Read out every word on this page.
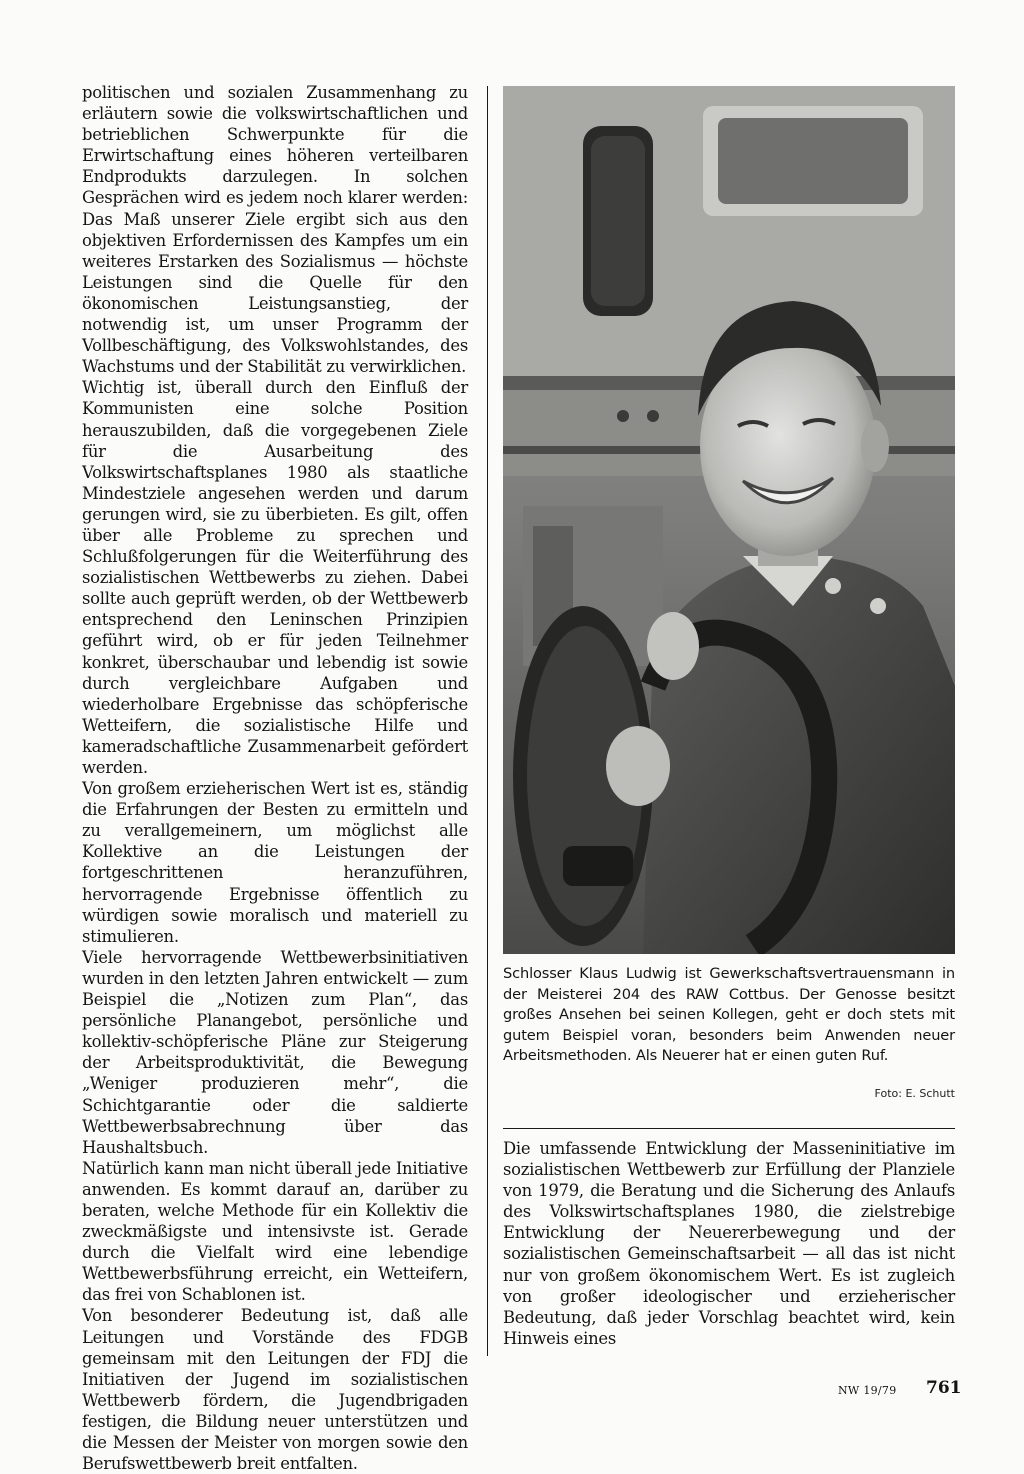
politischen und sozialen Zusammenhang zu erläutern sowie die volkswirtschaftlichen und betrieblichen Schwerpunkte für die Erwirtschaftung eines höheren verteilbaren Endprodukts darzulegen. In solchen Gesprächen wird es jedem noch klarer werden: Das Maß unserer Ziele ergibt sich aus den objektiven Erfordernissen des Kampfes um ein weiteres Erstarken des Sozialismus — höchste Leistungen sind die Quelle für den ökonomischen Leistungsanstieg, der notwendig ist, um unser Programm der Vollbeschäftigung, des Volkswohlstandes, des Wachstums und der Stabilität zu verwirklichen.

Wichtig ist, überall durch den Einfluß der Kommunisten eine solche Position herauszubilden, daß die vorgegebenen Ziele für die Ausarbeitung des Volkswirtschaftsplanes 1980 als staatliche Mindestziele angesehen werden und darum gerungen wird, sie zu überbieten. Es gilt, offen über alle Probleme zu sprechen und Schlußfolgerungen für die Weiterführung des sozialistischen Wettbewerbs zu ziehen. Dabei sollte auch geprüft werden, ob der Wettbewerb entsprechend den Leninschen Prinzipien geführt wird, ob er für jeden Teilnehmer konkret, überschaubar und lebendig ist sowie durch vergleichbare Aufgaben und wiederholbare Ergebnisse das schöpferische Wetteifern, die sozialistische Hilfe und kameradschaftliche Zusammenarbeit gefördert werden.

Von großem erzieherischen Wert ist es, ständig die Erfahrungen der Besten zu ermitteln und zu verallgemeinern, um möglichst alle Kollektive an die Leistungen der fortgeschrittenen heranzuführen, hervorragende Ergebnisse öffentlich zu würdigen sowie moralisch und materiell zu stimulieren.

Viele hervorragende Wettbewerbsinitiativen wurden in den letzten Jahren entwickelt — zum Beispiel die „Notizen zum Plan“, das persönliche Planangebot, persönliche und kollektiv-schöpferische Pläne zur Steigerung der Arbeitsproduktivität, die Bewegung „Weniger produzieren mehr“, die Schichtgarantie oder die saldierte Wettbewerbsabrechnung über das Haushaltsbuch.

Natürlich kann man nicht überall jede Initiative anwenden. Es kommt darauf an, darüber zu beraten, welche Methode für ein Kollektiv die zweckmäßigste und intensivste ist. Gerade durch die Vielfalt wird eine lebendige Wettbewerbsführung erreicht, ein Wetteifern, das frei von Schablonen ist.

Von besonderer Bedeutung ist, daß alle Leitungen und Vorstände des FDGB gemeinsam mit den Leitungen der FDJ die Initiativen der Jugend im sozialistischen Wettbewerb fördern, die Jugendbrigaden festigen, die Bildung neuer unterstützen und die Messen der Meister von morgen sowie den Berufswettbewerb breit entfalten.

Schlosser Klaus Ludwig ist Gewerkschaftsvertrauensmann in der Meisterei 204 des RAW Cottbus. Der Genosse besitzt großes Ansehen bei seinen Kollegen, geht er doch stets mit gutem Beispiel voran, besonders beim Anwenden neuer Arbeitsmethoden. Als Neuerer hat er einen guten Ruf.
Foto: E. Schutt

Die umfassende Entwicklung der Masseninitiative im sozialistischen Wettbewerb zur Erfüllung der Planziele von 1979, die Beratung und die Sicherung des Anlaufs des Volkswirtschaftsplanes 1980, die zielstrebige Entwicklung der Neuererbewegung und der sozialistischen Gemeinschaftsarbeit — all das ist nicht nur von großem ökonomischem Wert. Es ist zugleich von großer ideologischer und erzieherischer Bedeutung, daß jeder Vorschlag beachtet wird, kein Hinweis eines

NW 19/79 761
